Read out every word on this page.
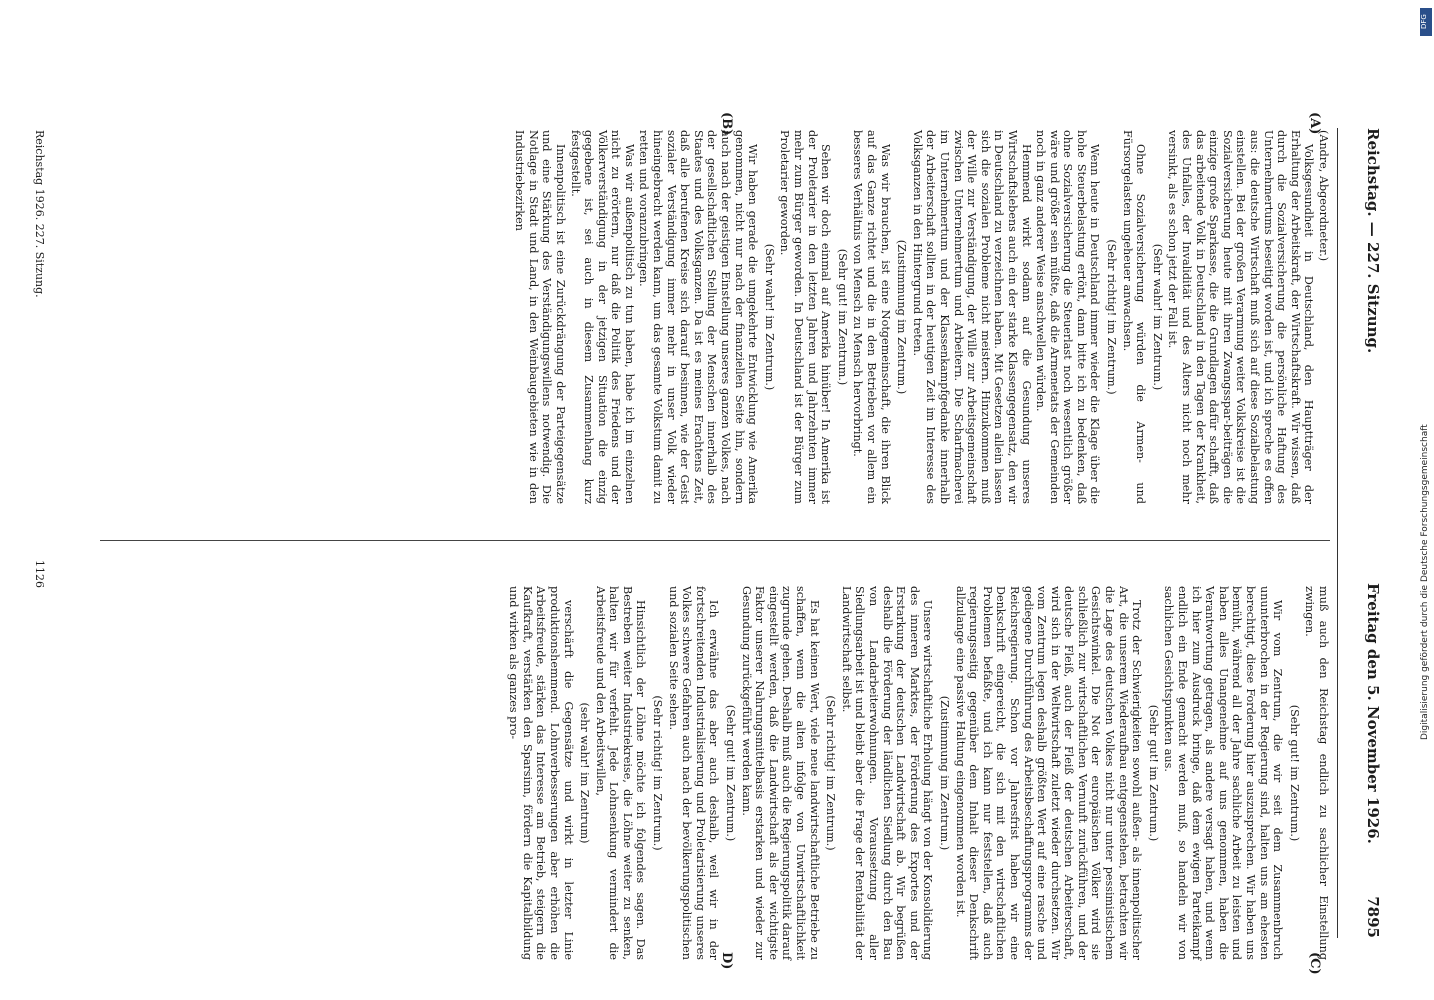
Reichstag. — 227. Sitzung.
Freitag den 5. November 1926.
7895
(A)
(B)
(C)
D)

(Andre, Abgeordneter.)

Volksgesundheit in Deutschland, den Hauptträger der Erhaltung der Arbeitskraft, der Wirtschaftskraft. Wir wissen, daß durch die Sozialversicherung die persönliche Haftung des Unternehmertums beseitigt worden ist, und ich spreche es offen aus: die deutsche Wirtschaft muß sich auf diese Sozialbelastung einstellen. Bei der großen Verarmung weiter Volkskreise ist die Sozialversicherung heute mit ihren Zwangsspar-beiträgen die einzige große Sparkasse, die die Grundlagen dafür schafft, daß das arbeitende Volk in Deutschland in den Tagen der Krankheit, des Unfalles, der Invalidität und des Alters nicht noch mehr versinkt, als es schon jetzt der Fall ist.

(Sehr wahr! im Zentrum.)

Ohne Sozialversicherung würden die Armen- und Fürsorgelasten ungeheuer anwachsen.

(Sehr richtig! im Zentrum.)

Wenn heute in Deutschland immer wieder die Klage über die hohe Steuerbelastung ertönt, dann bitte ich zu bedenken, daß ohne Sozialversicherung die Steuerlast noch wesentlich größer wäre und größer sein müßte, daß die Armenetats der Gemeinden noch in ganz anderer Weise anschwellen würden.

Hemmend wirkt sodann auf die Gesundung unseres Wirtschaftslebens auch ein der starke Klassengegensatz, den wir in Deutschland zu verzeichnen haben. Mit Gesetzen allein lassen sich die sozialen Probleme nicht meistern. Hinzukommen muß der Wille zur Verständigung, der Wille zur Arbeitsgemeinschaft zwischen Unternehmertum und Arbeitern. Die Scharfmacherei im Unternehmertum und der Klassenkampfgedanke innerhalb der Arbeiterschaft sollten in der heutigen Zeit im Interesse des Volksganzen in den Hintergrund treten.

(Zustimmung im Zentrum.)

Was wir brauchen, ist eine Notgemeinschaft, die ihren Blick auf das Ganze richtet und die in den Betrieben vor allem ein besseres Verhältnis von Mensch zu Mensch hervorbringt.

(Sehr gut! im Zentrum.)

Sehen wir doch einmal auf Amerika hinüber! In Amerika ist der Proletarier in den letzten Jahren und Jahrzehnten immer mehr zum Bürger geworden. In Deutschland ist der Bürger zum Proletarier geworden.

(Sehr wahr! im Zentrum.)

Wir haben gerade die umgekehrte Entwicklung wie Amerika genommen, nicht nur nach der finanziellen Seite hin, sondern auch nach der geistigen Einstellung unseres ganzen Volkes, nach der gesellschaftlichen Stellung der Menschen innerhalb des Staates und des Volksganzen. Da ist es meines Erachtens Zeit, daß alle berufenen Kreise sich darauf besinnen, wie der Geist sozialer Verständigung immer mehr in unser Volk wieder hineingebracht werden kann, um das gesamte Volkstum damit zu retten und voranzubringen.

Was wir außenpolitisch zu tun haben, habe ich im einzelnen nicht zu erörtern, nur daß die Politik des Friedens und der Völkerverständigung in der jetzigen Situation die einzig gegebene ist, sei auch in diesem Zusammenhang kurz festgestellt.

Innenpolitisch ist eine Zurückdrängung der Parteigegensätze und eine Stärkung des Verständigungswillens notwendig. Die Notlage in Stadt und Land, in den Weinbaugebieten wie in den Industriebezirken

muß auch den Reichstag endlich zu sachlicher Einstellung zwingen.

(Sehr gut! im Zentrum.)

Wir vom Zentrum, die wir seit dem Zusammenbruch ununterbrochen in der Regierung sind, halten uns am ehesten berechtigt, diese Forderung hier auszusprechen. Wir haben uns bemüht, während all der Jahre sachliche Arbeit zu leisten und haben alles Unangenehme auf uns genommen, haben die Verantwortung getragen, als andere versagt haben, und wenn ich hier zum Ausdruck bringe, daß dem ewigen Parteikampf endlich ein Ende gemacht werden muß, so handeln wir von sachlichen Gesichtspunkten aus.

(Sehr gut! im Zentrum.)

Trotz der Schwierigkeiten sowohl außen- als innenpolitischer Art, die unserem Wiederaufbau entgegenstehen, betrachten wir die Lage des deutschen Volkes nicht nur unter pessimistischem Gesichtswinkel. Die Not der europäischen Völker wird sie schließlich zur wirtschaftlichen Vernunft zurückführen, und der deutsche Fleiß, auch der Fleiß der deutschen Arbeiterschaft, wird sich in der Weltwirtschaft zuletzt wieder durchsetzen. Wir vom Zentrum legen deshalb größten Wert auf eine rasche und gediegene Durchführung des Arbeitsbeschaffungsprogramms der Reichsregierung. Schon vor Jahresfrist haben wir eine Denkschrift eingereicht, die sich mit den wirtschaftlichen Problemen befaßte, und ich kann nur feststellen, daß auch regierungsseitig gegenüber dem Inhalt dieser Denkschrift allzulange eine passive Haltung eingenommen worden ist.

(Zustimmung im Zentrum.)

Unsere wirtschaftliche Erholung hängt von der Konsolidierung des inneren Marktes, der Förderung des Exportes und der Erstarkung der deutschen Landwirtschaft ab. Wir begrüßen deshalb die Förderung der ländlichen Siedlung durch den Bau von Landarbeiterwohnungen. Voraussetzung aller Siedlungsarbeit ist und bleibt aber die Frage der Rentabilität der Landwirtschaft selbst.

(Sehr richtig! im Zentrum.)

Es hat keinen Wert, viele neue landwirtschaftliche Betriebe zu schaffen, wenn die alten infolge von Unwirtschaftlichkeit zugrunde gehen. Deshalb muß auch die Regierungspolitik darauf eingestellt werden, daß die Landwirtschaft als der wichtigste Faktor unserer Nahrungsmittelbasis erstarken und wieder zur Gesundung zurückgeführt werden kann.

(Sehr gut! im Zentrum.)

Ich erwähne das aber auch deshalb, weil wir in der fortschreitenden Industrialisierung und Proletarisierung unseres Volkes schwere Gefahren auch nach der bevölkerungspolitischen und sozialen Seite sehen.

(Sehr richtig! im Zentrum.)

Hinsichtlich der Löhne möchte ich folgendes sagen. Das Bestreben weiter Industriekreise, die Löhne weiter zu senken, halten wir für verfehlt. Jede Lohnsenkung vermindert die Arbeitsfreude und den Arbeitswillen,

(sehr wahr! im Zentrum)

verschärft die Gegensätze und wirkt in letzter Linie produktionshemmend. Lohnverbesserungen aber erhöhen die Arbeitsfreude, stärken das Interesse am Betrieb, steigern die Kaufkraft, verstärken den Sparsinn, fördern die Kapitalbildung und wirken als ganzes pro-

Reichstag 1926. 227. Sitzung.
1126
DFG
Digitalisierung gefördert durch die Deutsche Forschungsgemeinschaft
